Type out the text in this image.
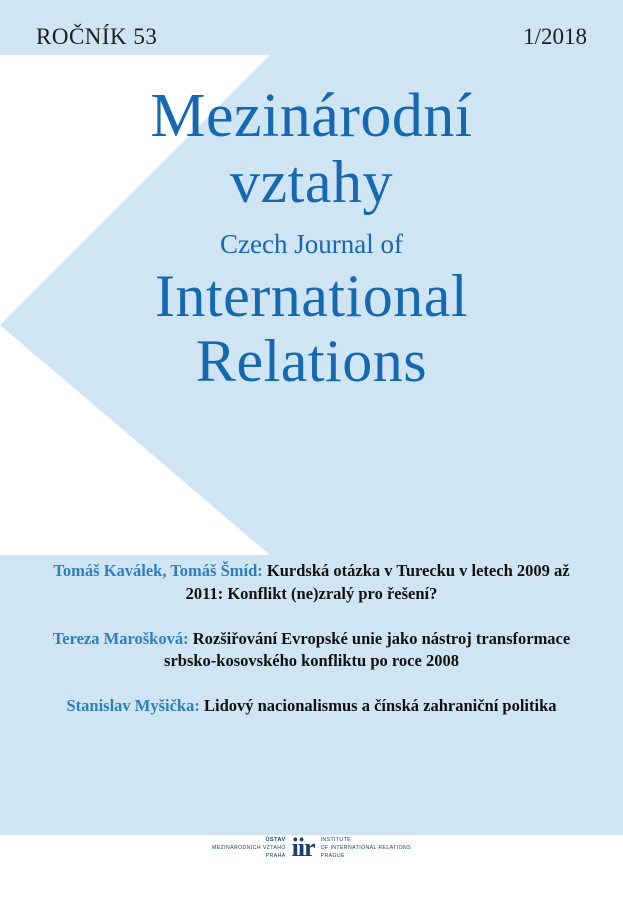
ROČNÍK 53	1/2018
Mezinárodní
vztahy
Czech Journal of
International
Relations
Tomáš Kaválek, Tomáš Šmíd: Kurdská otázka v Turecku v letech 2009 až 2011: Konflikt (ne)zralý pro řešení?
Tereza Marošková: Rozšiřování Evropské unie jako nástroj transformace srbsko-kosovského konfliktu po roce 2008
Stanislav Myšička: Lidový nacionalismus a čínská zahraniční politika
ÚSTAV
MEZINÁRODNÍCH VZTAHŮ
PRAHA iir INSTITUTE
OF INTERNATIONAL RELATIONS
PRAGUE
